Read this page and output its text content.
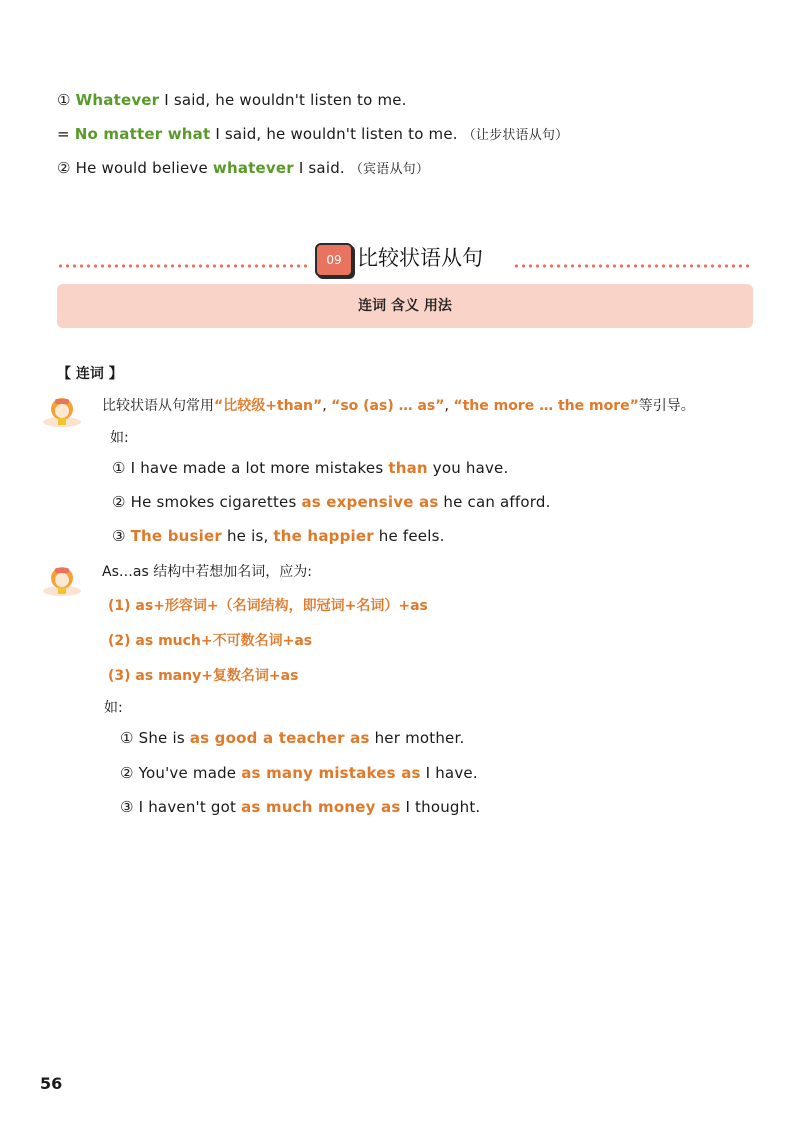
① Whatever I said, he wouldn't listen to me.
= No matter what I said, he wouldn't listen to me. （让步状语从句）
② He would believe whatever I said. （宾语从句）
09 比较状语从句
连词 含义 用法
【 连词 】
比较状语从句常用“比较级+than”, “so (as) … as”, “the more … the more”等引导。
如:
① I have made a lot more mistakes than you have.
② He smokes cigarettes as expensive as he can afford.
③ The busier he is, the happier he feels.
As…as 结构中若想加名词，应为:
(1) as+形容词+（名词结构，即冠词+名词）+as
(2) as much+不可数名词+as
(3) as many+复数名词+as
如:
① She is as good a teacher as her mother.
② You've made as many mistakes as I have.
③ I haven't got as much money as I thought.
56
